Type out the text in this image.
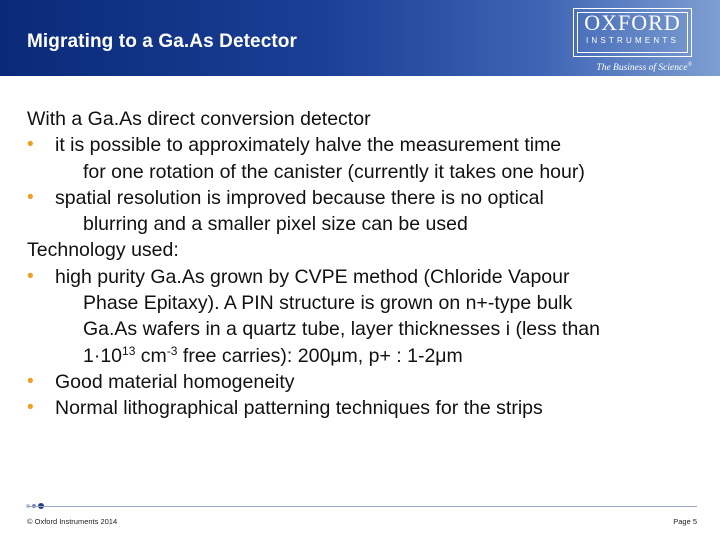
Migrating to a Ga.As Detector
OXFORD
INSTRUMENTS
The Business of Science®
With a Ga.As direct conversion detector
• it is possible to approximately halve the measurement time
for one rotation of the canister (currently it takes one hour)
• spatial resolution is improved because there is no optical
blurring and a smaller pixel size can be used
Technology used:
• high purity Ga.As grown by CVPE method (Chloride Vapour
Phase Epitaxy). A PIN structure is grown on n+-type bulk
Ga.As wafers in a quartz tube, layer thicknesses i (less than
$1\cdot 10^{13}$ $cm^{-3}$ free carries): 200μm, p+ : 1-2μm
• Good material homogeneity
• Normal lithographical patterning techniques for the strips
© Oxford Instruments 2014	Page 5
